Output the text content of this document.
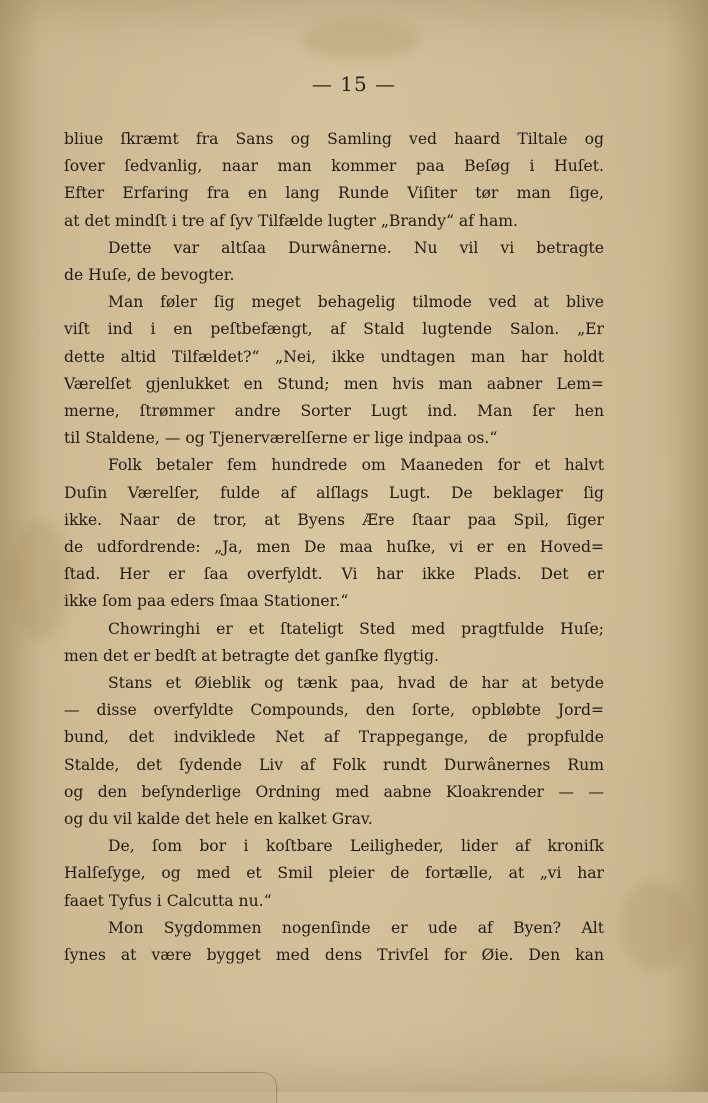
— 15 —

bliue ſkræmt fra Sans og Samling ved haard Tiltale og
ſover ſedvanlig, naar man kommer paa Beſøg i Huſet.
Efter Erfaring fra en lang Runde Viſiter tør man ſige,
at det mindſt i tre af ſyv Tilfælde lugter „Brandy“ af ham.

Dette var altſaa Durwânerne. Nu vil vi betragte
de Huſe, de bevogter.

Man føler ſig meget behagelig tilmode ved at blive
viſt ind i en peſtbefængt, af Stald lugtende Salon. „Er
dette altid Tilfældet?“ „Nei, ikke undtagen man har holdt
Værelſet gjenlukket en Stund; men hvis man aabner Lem=
merne, ſtrømmer andre Sorter Lugt ind. Man ſer hen
til Staldene, — og Tjenerværelſerne er lige indpaa os.“

Folk betaler fem hundrede om Maaneden for et halvt
Duſin Værelſer, fulde af alſlags Lugt. De beklager ſig
ikke. Naar de tror, at Byens Ære ſtaar paa Spil, ſiger
de udfordrende: „Ja, men De maa huſke, vi er en Hoved=
ſtad. Her er ſaa overfyldt. Vi har ikke Plads. Det er
ikke ſom paa eders ſmaa Stationer.“

Chowringhi er et ſtateligt Sted med pragtfulde Huſe;
men det er bedſt at betragte det ganſke flygtig.

Stans et Øieblik og tænk paa, hvad de har at betyde
— disse overfyldte Compounds, den ſorte, opbløbte Jord=
bund, det indviklede Net af Trappegange, de propfulde
Stalde, det ſydende Liv af Folk rundt Durwânernes Rum
og den beſynderlige Ordning med aabne Kloakrender — —
og du vil kalde det hele en kalket Grav.

De, ſom bor i koſtbare Leiligheder, lider af kroniſk
Halſeſyge, og med et Smil pleier de fortælle, at „vi har
faaet Tyfus i Calcutta nu.“

Mon Sygdommen nogenſinde er ude af Byen? Alt
ſynes at være bygget med dens Trivſel for Øie. Den kan
